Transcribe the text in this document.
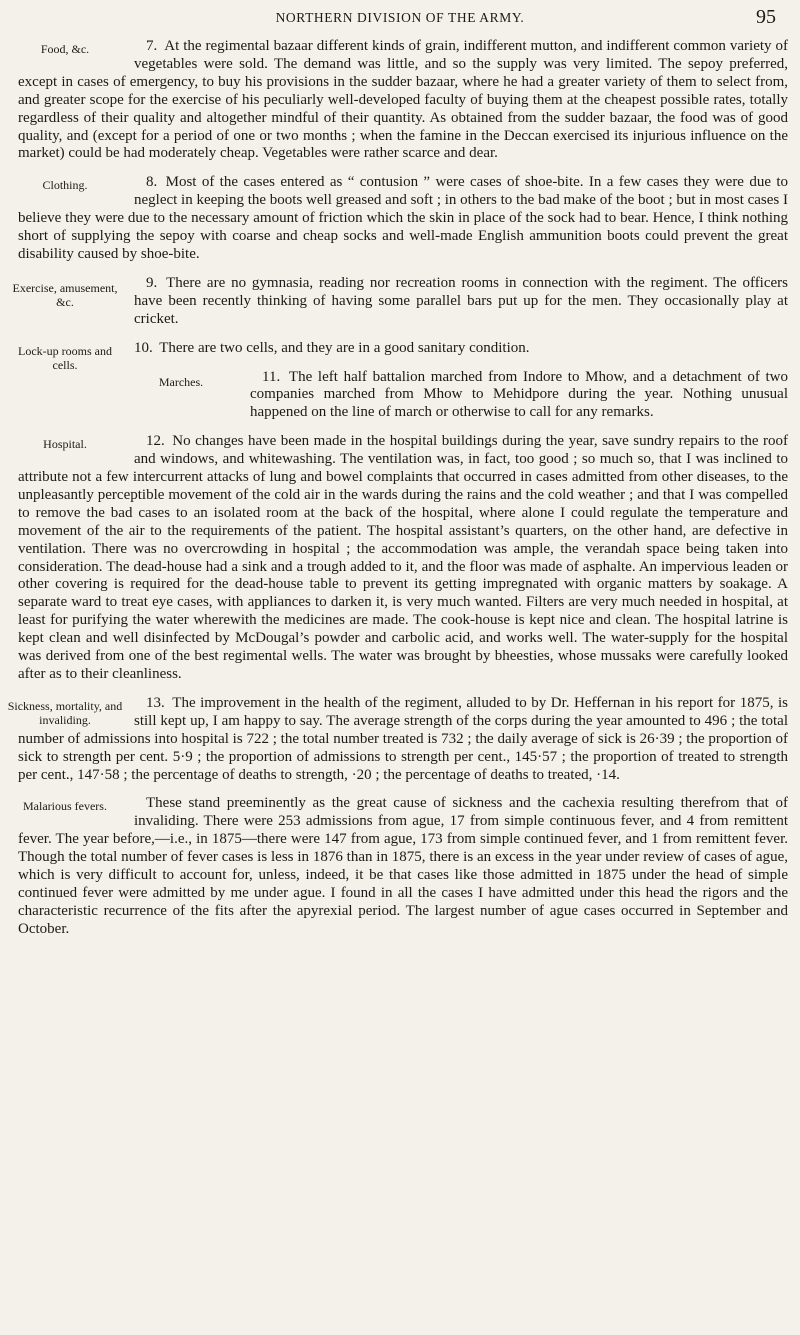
NORTHERN DIVISION OF THE ARMY.	95

7.
Food, &c.	At the regimental bazaar different kinds of grain, indifferent mutton, and indifferent common variety of vegetables were sold. The demand was little, and so the supply was very limited. The sepoy preferred, except in cases of emergency, to buy his provisions in the sudder bazaar, where he had a greater variety of them to select from, and greater scope for the exercise of his peculiarly well-developed faculty of buying them at the cheapest possible rates, totally regardless of their quality and altogether mindful of their quantity. As obtained from the sudder bazaar, the food was of good quality, and (except for a period of one or two months ; when the famine in the Deccan exercised its injurious influence on the market) could be had moderately cheap. Vegetables were rather scarce and dear.

8.
Clothing.	Most of the cases entered as “ contusion ” were cases of shoe-bite. In a few cases they were due to neglect in keeping the boots well greased and soft ; in others to the bad make of the boot ; but in most cases I believe they were due to the necessary amount of friction which the skin in place of the sock had to bear. Hence, I think nothing short of supplying the sepoy with coarse and cheap socks and well-made English ammunition boots could prevent the great disability caused by shoe-bite.

9.
Exercise, amusement, &c.
There are no gymnasia, reading nor recreation rooms in connection with the regiment. The officers have been recently thinking of having some parallel bars put up for the men. They occasionally play at cricket.

Lock-up rooms and cells.
10. There are two cells, and they are in a good sanitary condition.

11.
Marches.	The left half battalion marched from Indore to Mhow, and a detachment of two companies marched from Mhow to Mehidpore during the year. Nothing unusual happened on the line of march or otherwise to call for any remarks.

12.
Hospital.	No changes have been made in the hospital buildings during the year, save sundry repairs to the roof and windows, and whitewashing. The ventilation was, in fact, too good ; so much so, that I was inclined to attribute not a few intercurrent attacks of lung and bowel complaints that occurred in cases admitted from other diseases, to the unpleasantly perceptible movement of the cold air in the wards during the rains and the cold weather ; and that I was compelled to remove the bad cases to an isolated room at the back of the hospital, where alone I could regulate the temperature and movement of the air to the requirements of the patient. The hospital assistant’s quarters, on the other hand, are defective in ventilation. There was no overcrowding in hospital ; the accommodation was ample, the verandah space being taken into consideration. The dead-house had a sink and a trough added to it, and the floor was made of asphalte. An impervious leaden or other covering is required for the dead-house table to prevent its getting impregnated with organic matters by soakage. A separate ward to treat eye cases, with appliances to darken it, is very much wanted. Filters are very much needed in hospital, at least for purifying the water wherewith the medicines are made. The cook-house is kept nice and clean. The hospital latrine is kept clean and well disinfected by McDougal’s powder and carbolic acid, and works well. The water-supply for the hospital was derived from one of the best regimental wells. The water was brought by bheesties, whose mussaks were carefully looked after as to their cleanliness.

13.
Sickness, mortality, and invaliding.
The improvement in the health of the regiment, alluded to by Dr. Heffernan in his report for 1875, is still kept up, I am happy to say. The average strength of the corps during the year amounted to 496 ; the total number of admissions into hospital is 722 ; the total number treated is 732 ; the daily average of sick is 26·39 ; the proportion of sick to strength per cent. 5·9 ; the proportion of admissions to strength per cent., 145·57 ; the proportion of treated to strength per cent., 147·58 ; the percentage of deaths to strength, ·20 ; the percentage of deaths to treated, ·14.

Malarious fevers.	These stand preeminently as the great cause of sickness and the cachexia resulting therefrom that of invaliding. There were 253 admissions from ague, 17 from simple continuous fever, and 4 from remittent fever. The year before,—i.e., in 1875—there were 147 from ague, 173 from simple continued fever, and 1 from remittent fever. Though the total number of fever cases is less in 1876 than in 1875, there is an excess in the year under review of cases of ague, which is very difficult to account for, unless, indeed, it be that cases like those admitted in 1875 under the head of simple continued fever were admitted by me under ague. I found in all the cases I have admitted under this head the rigors and the characteristic recurrence of the fits after the apyrexial period. The largest number of ague cases occurred in September and October.
